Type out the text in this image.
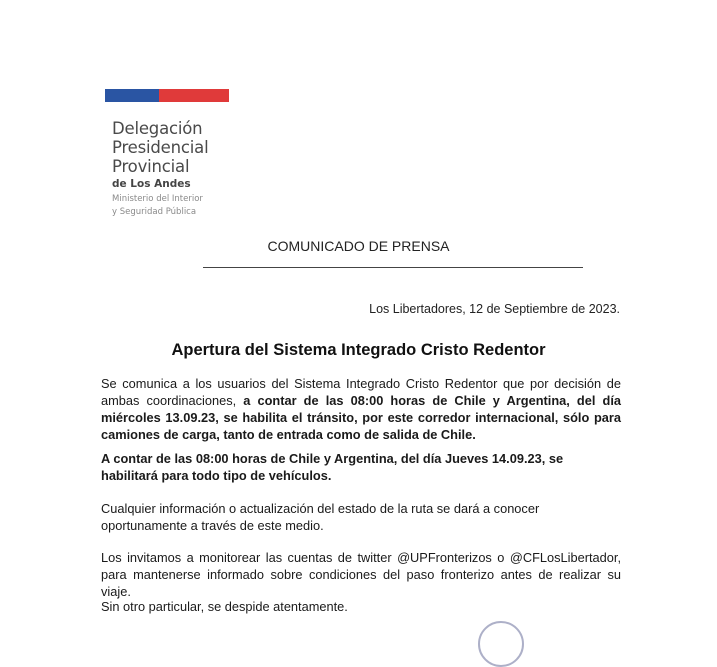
Delegación
Presidencial
Provincial
de Los Andes
Ministerio del Interior
y Seguridad Pública
COMUNICADO DE PRENSA
Los Libertadores, 12 de Septiembre de 2023.
Apertura del Sistema Integrado Cristo Redentor
Se comunica a los usuarios del Sistema Integrado Cristo Redentor que por decisión de ambas coordinaciones, a contar de las 08:00 horas de Chile y Argentina, del día miércoles 13.09.23, se habilita el tránsito, por este corredor internacional, sólo para camiones de carga, tanto de entrada como de salida de Chile.
A contar de las 08:00 horas de Chile y Argentina, del día Jueves 14.09.23, se habilitará para todo tipo de vehículos.
Cualquier información o actualización del estado de la ruta se dará a conocer oportunamente a través de este medio.
Los invitamos a monitorear las cuentas de twitter @UPFronterizos o @CFLosLibertador, para mantenerse informado sobre condiciones del paso fronterizo antes de realizar su viaje.
Sin otro particular, se despide atentamente.
